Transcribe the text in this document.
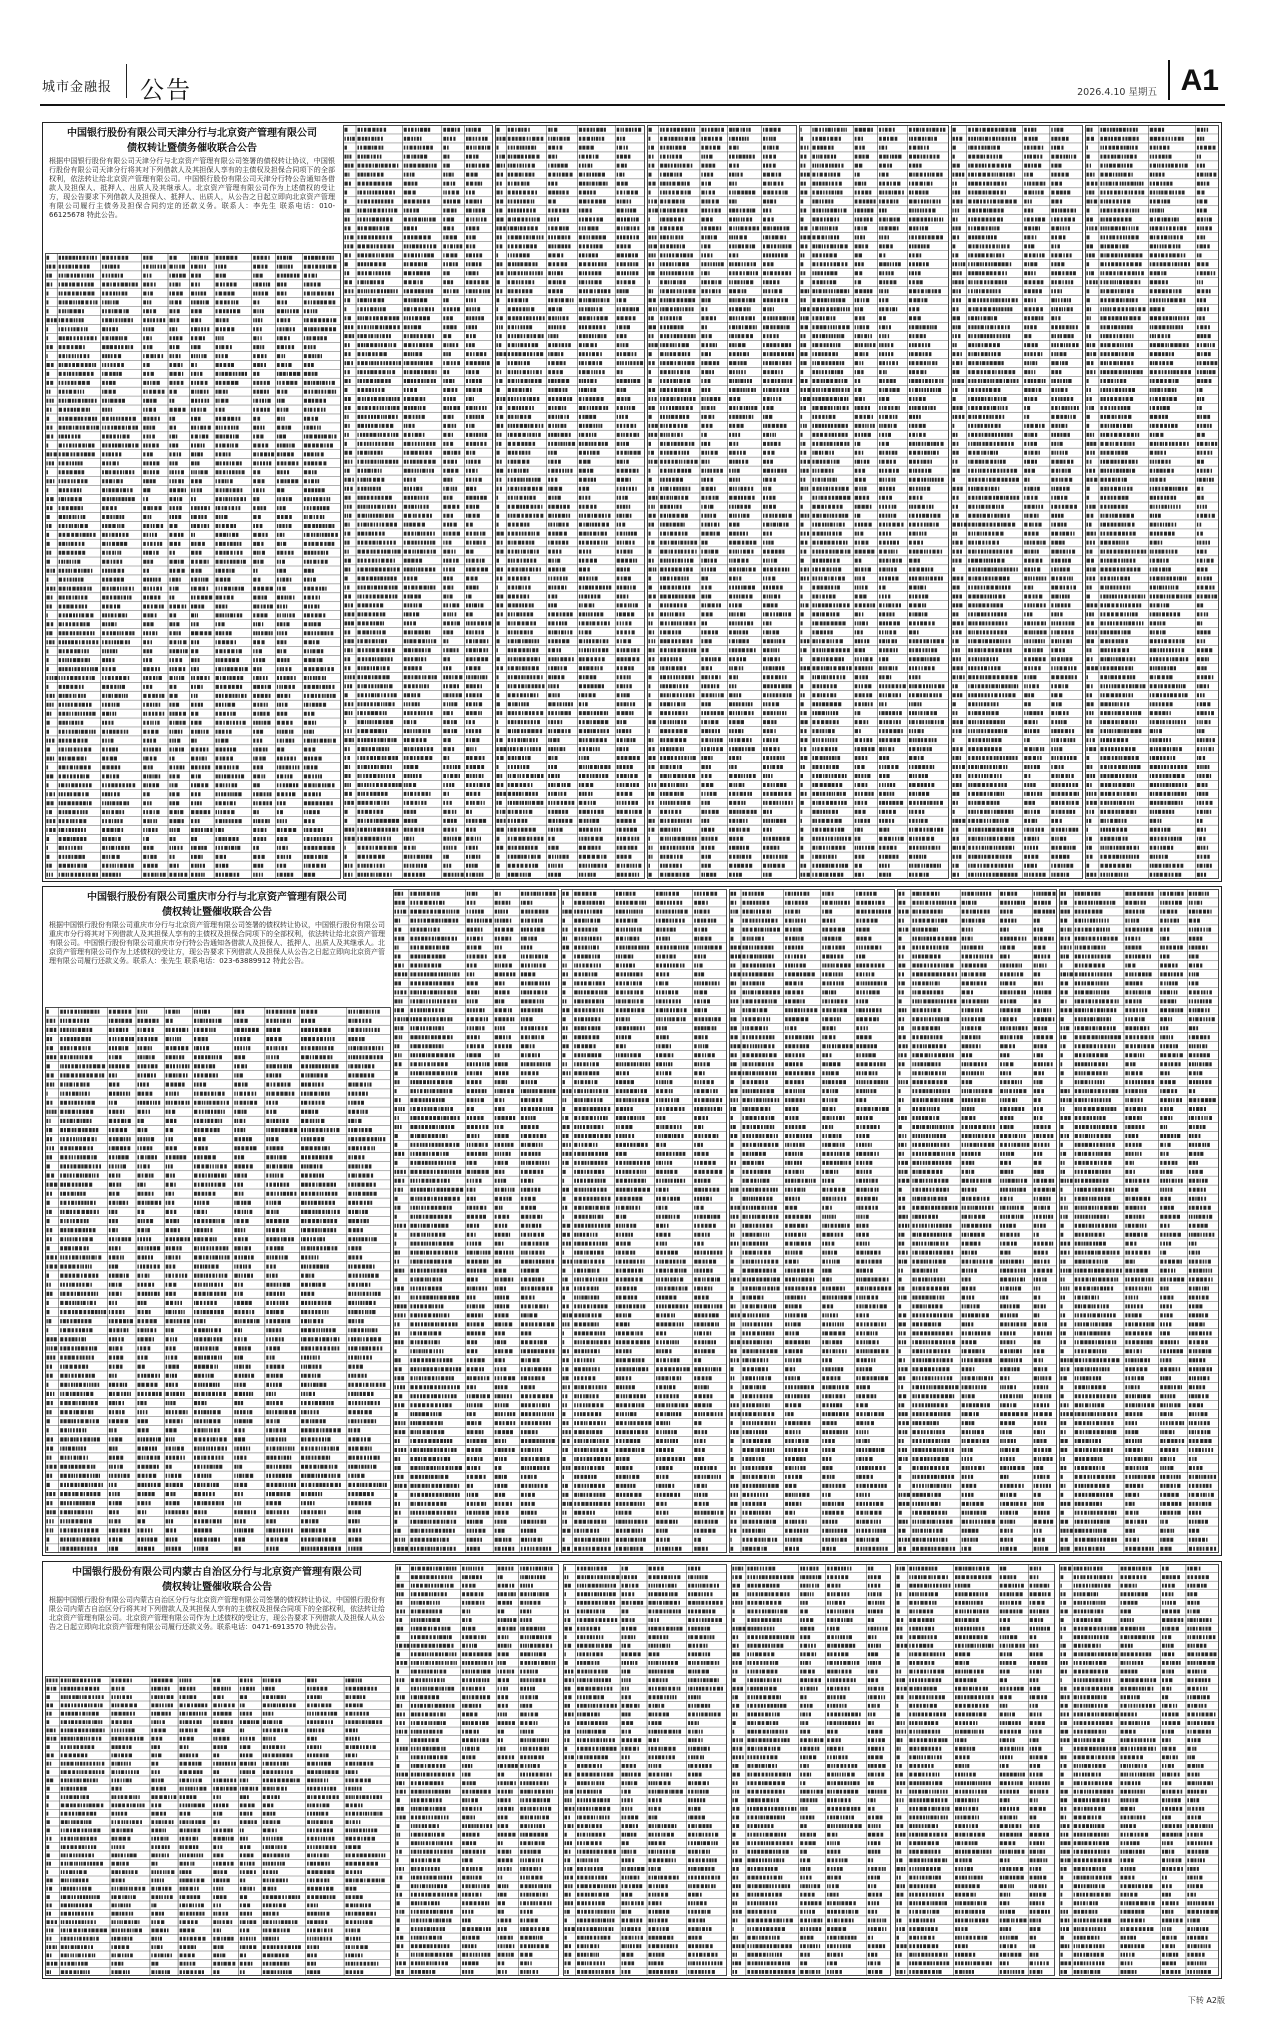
城市金融报 公告	2026.4.10 星期五 A1
中国银行股份有限公司天津分行与北京资产管理有限公司
债权转让暨债务催收联合公告

根据中国银行股份有限公司天津分行与北京资产管理有限公司签署的债权转让协议，中国银行股份有限公司天津分行将其对下列借款人及其担保人享有的主债权及担保合同项下的全部权利，依法转让给北京资产管理有限公司。中国银行股份有限公司天津分行特公告通知各借款人及担保人、抵押人、出质人及其继承人。北京资产管理有限公司作为上述债权的受让方，现公告要求下列借款人及担保人、抵押人、出质人，从公告之日起立即向北京资产管理有限公司履行主债务及担保合同约定的还款义务。联系人：李先生 联系电话：010-66125678 特此公告。

中国银行股份有限公司重庆市分行与北京资产管理有限公司
债权转让暨催收联合公告

根据中国银行股份有限公司重庆市分行与北京资产管理有限公司签署的债权转让协议，中国银行股份有限公司重庆市分行将其对下列借款人及其担保人享有的主债权及担保合同项下的全部权利，依法转让给北京资产管理有限公司。中国银行股份有限公司重庆市分行特公告通知各借款人及担保人、抵押人、出质人及其继承人。北京资产管理有限公司作为上述债权的受让方，现公告要求下列借款人及担保人从公告之日起立即向北京资产管理有限公司履行还款义务。联系人：张先生 联系电话：023-63889912 特此公告。

中国银行股份有限公司内蒙古自治区分行与北京资产管理有限公司
债权转让暨催收联合公告

根据中国银行股份有限公司内蒙古自治区分行与北京资产管理有限公司签署的债权转让协议，中国银行股份有限公司内蒙古自治区分行将其对下列借款人及其担保人享有的主债权及担保合同项下的全部权利，依法转让给北京资产管理有限公司。北京资产管理有限公司作为上述债权的受让方，现公告要求下列借款人及担保人从公告之日起立即向北京资产管理有限公司履行还款义务。联系电话：0471-6913570 特此公告。

下转 A2版
